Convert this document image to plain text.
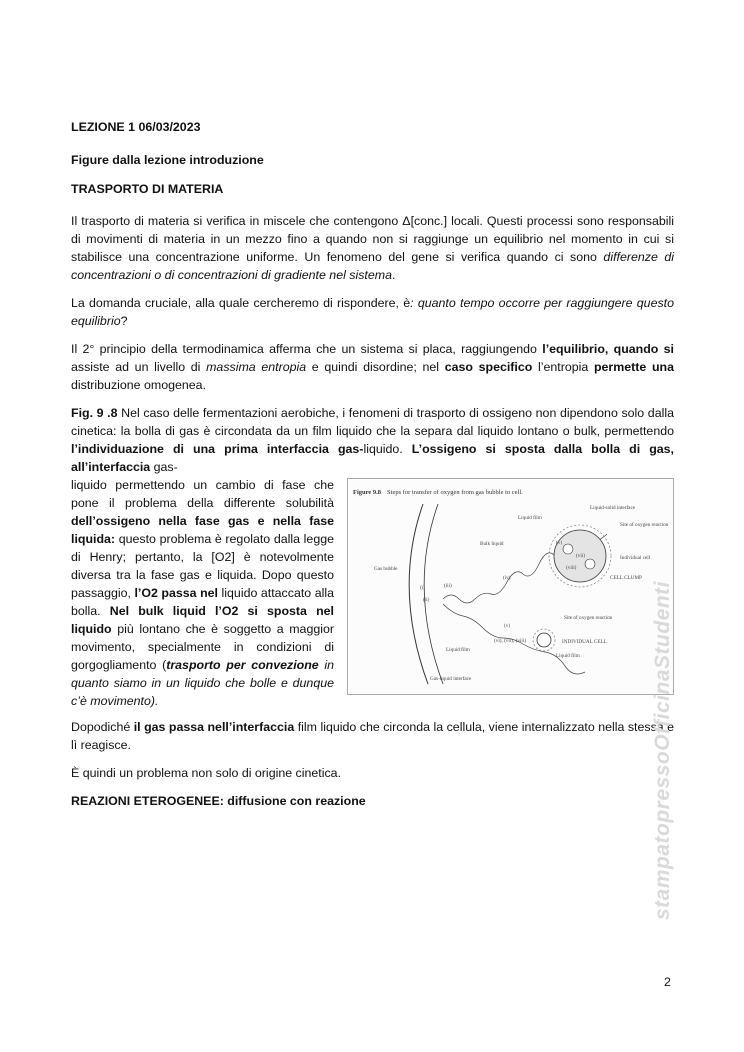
LEZIONE 1 06/03/2023
Figure dalla lezione introduzione
TRASPORTO DI MATERIA

Il trasporto di materia si verifica in miscele che contengono Δ[conc.] locali. Questi processi sono responsabili di movimenti di materia in un mezzo fino a quando non si raggiunge un equilibrio nel momento in cui si stabilisce una concentrazione uniforme. Un fenomeno del gene si verifica quando ci sono differenze di concentrazioni o di concentrazioni di gradiente nel sistema.

La domanda cruciale, alla quale cercheremo di rispondere, è: quanto tempo occorre per raggiungere questo equilibrio?

Il 2° principio della termodinamica afferma che un sistema si placa, raggiungendo l’equilibrio, quando si assiste ad un livello di massima entropia e quindi disordine; nel caso specifico l’entropia permette una distribuzione omogenea.

Fig. 9 .8 Nel caso delle fermentazioni aerobiche, i fenomeni di trasporto di ossigeno non dipendono solo dalla cinetica: la bolla di gas è circondata da un film liquido che la separa dal liquido lontano o bulk, permettendo l’individuazione di una prima interfaccia gas-liquido. L’ossigeno si sposta dalla bolla di gas, all’interfaccia gas-

liquido permettendo un cambio di fase che pone il problema della differente solubilità dell’ossigeno nella fase gas e nella fase liquida: questo problema è regolato dalla legge di Henry; pertanto, la [O2] è notevolmente diversa tra la fase gas e liquida. Dopo questo passaggio, l’O2 passa nel liquido attaccato alla bolla. Nel bulk liquid l’O2 si sposta nel liquido più lontano che è soggetto a maggior movimento, specialmente in condizioni di gorgogliamento (trasporto per convezione in quanto siamo in un liquido che bolle e dunque c’è movimento).
Figure 9.8 Steps for transfer of oxygen from gas bubble to cell.
Liquid-solid interface
Liquid film
Site of oxygen reaction
Bulk liquid
Individual cell
CELL CLUMP
Gas bubble
Site of oxygen reaction
INDIVIDUAL CELL
Liquid film
Liquid film
Gas-liquid interface
(i)
(ii)
(iii)
(iv)
(v)
(vii)
(viii)
(v)
(vi), (vii), (viii)

Dopodiché il gas passa nell’interfaccia film liquido che circonda la cellula, viene internalizzato nella stessa e lì reagisce.

È quindi un problema non solo di origine cinetica.

REAZIONI ETEROGENEE: diffusione con reazione	stampatopressoOfficinaStudenti
2
